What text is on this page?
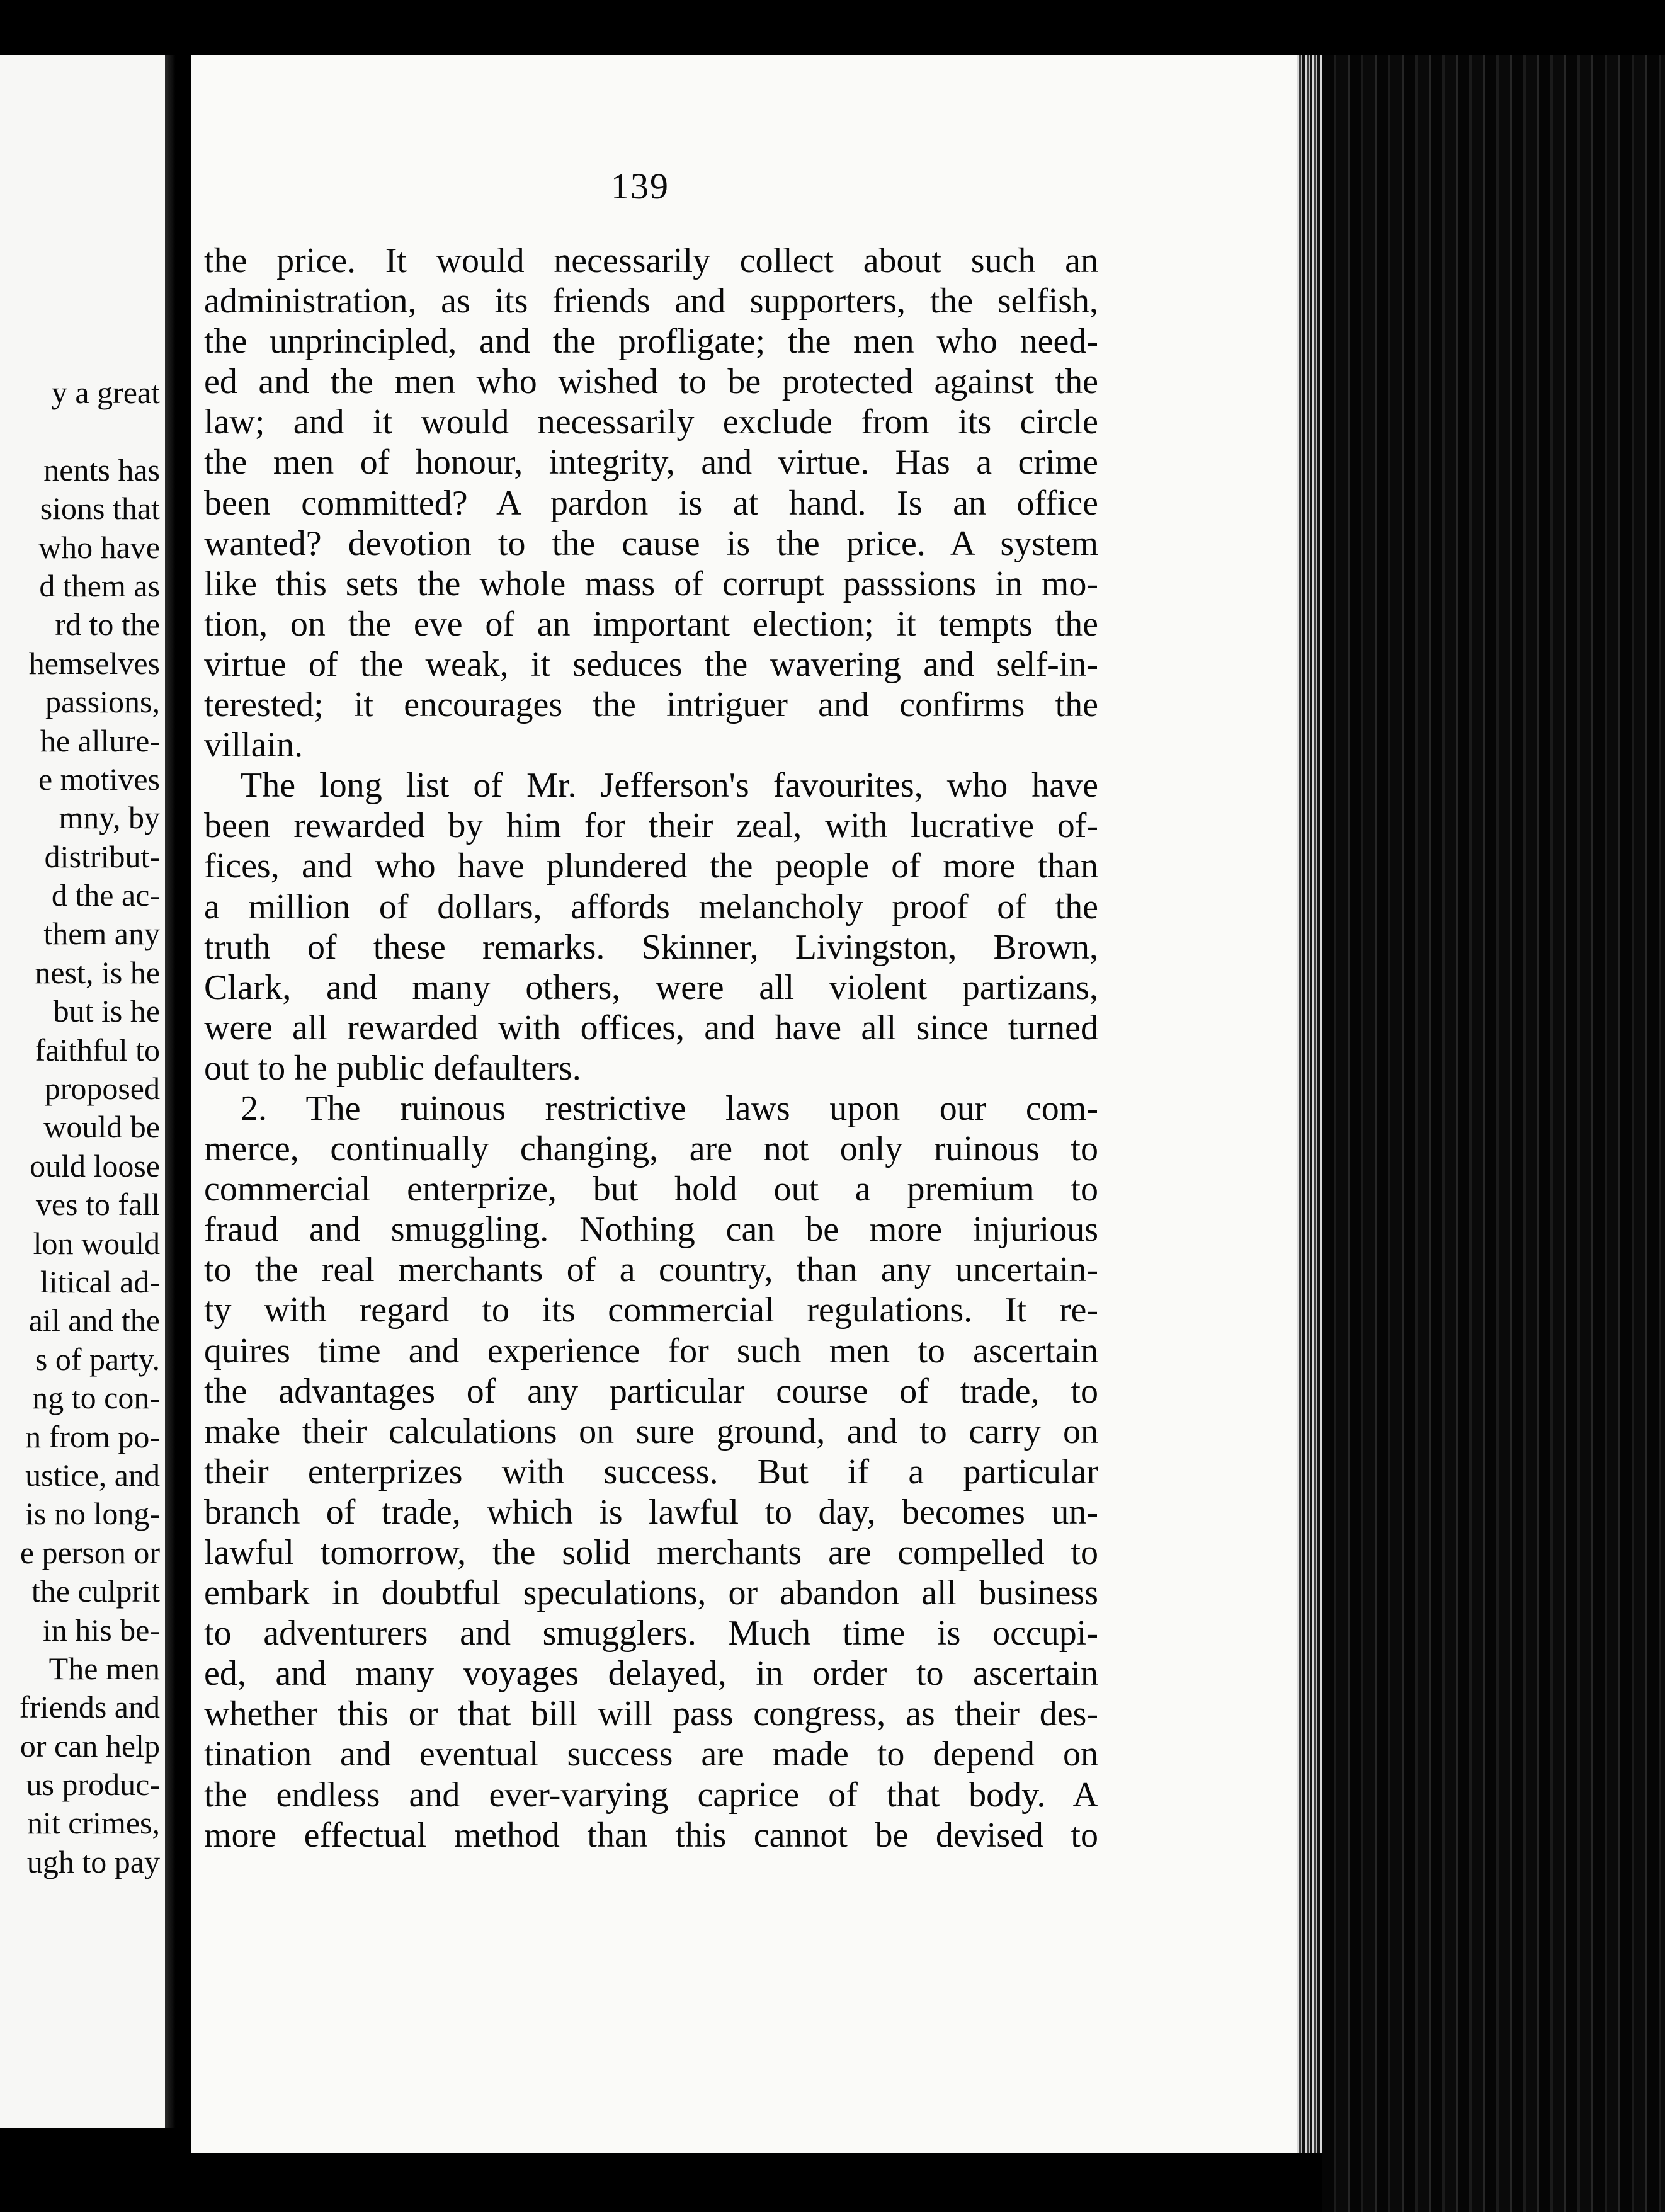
y a great
nents has
sions that
who have
d them as
rd to the
hemselves
passions,
he allure-
e motives
mny, by
distribut-
d the ac-
them any
nest, is he
but is he
faithful to
proposed
would be
ould loose
ves to fall
lon would
litical ad-
ail and the
s of party.
ng to con-
n from po-
ustice, and
is no long-
e person or
the culprit
in his be-
The men
friends and
or can help
us produc-
nit crimes,
ugh to pay
139
the price. It would necessarily collect about such an
administration, as its friends and supporters, the selfish,
the unprincipled, and the profligate; the men who need-
ed and the men who wished to be protected against the
law; and it would necessarily exclude from its circle
the men of honour, integrity, and virtue. Has a crime
been committed? A pardon is at hand. Is an office
wanted? devotion to the cause is the price. A system
like this sets the whole mass of corrupt passsions in mo-
tion, on the eve of an important election; it tempts the
virtue of the weak, it seduces the wavering and self-in-
terested; it encourages the intriguer and confirms the
villain.
The long list of Mr. Jefferson's favourites, who have
been rewarded by him for their zeal, with lucrative of-
fices, and who have plundered the people of more than
a million of dollars, affords melancholy proof of the
truth of these remarks. Skinner, Livingston, Brown,
Clark, and many others, were all violent partizans,
were all rewarded with offices, and have all since turned
out to he public defaulters.
2. The ruinous restrictive laws upon our com-
merce, continually changing, are not only ruinous to
commercial enterprize, but hold out a premium to
fraud and smuggling. Nothing can be more injurious
to the real merchants of a country, than any uncertain-
ty with regard to its commercial regulations. It re-
quires time and experience for such men to ascertain
the advantages of any particular course of trade, to
make their calculations on sure ground, and to carry on
their enterprizes with success. But if a particular
branch of trade, which is lawful to day, becomes un-
lawful tomorrow, the solid merchants are compelled to
embark in doubtful speculations, or abandon all business
to adventurers and smugglers. Much time is occupi-
ed, and many voyages delayed, in order to ascertain
whether this or that bill will pass congress, as their des-
tination and eventual success are made to depend on
the endless and ever-varying caprice of that body. A
more effectual method than this cannot be devised to
